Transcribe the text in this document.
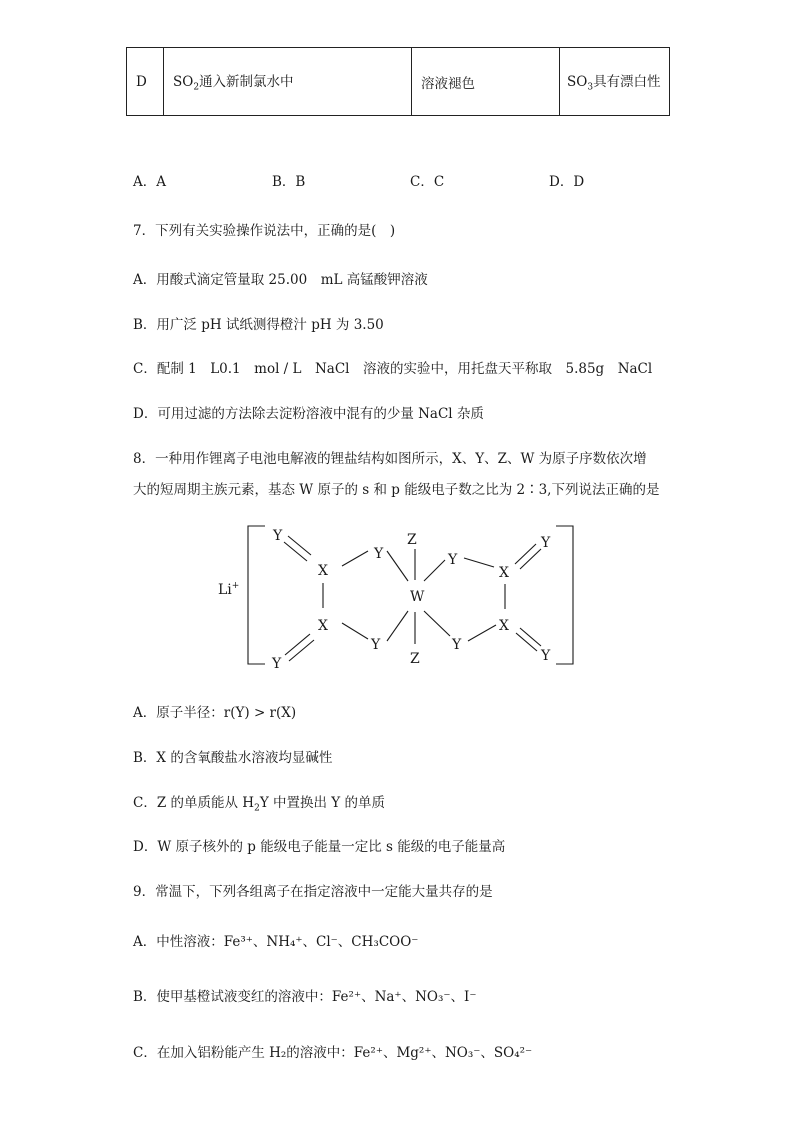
D	$SO_2$通入新制氯水中	溶液褪色	$SO_3$具有漂白性
A．A	B．B	C．C	D．D
7．下列有关实验操作说法中，正确的是(　)
A．用酸式滴定管量取 25.00　mL 高锰酸钾溶液
B．用广泛 pH 试纸测得橙汁 pH 为 3.50
C．配制 1　L0.1　mol / L　NaCl　溶液的实验中，用托盘天平称取　5.85g　NaCl
D．可用过滤的方法除去淀粉溶液中混有的少量 NaCl 杂质
8．一种用作锂离子电池电解液的锂盐结构如图所示，X、Y、Z、W 为原子序数依次增
大的短周期主族元素，基态 W 原子的 s 和 p 能级电子数之比为 2∶3,下列说法正确的是
Li+
Y
X
Y
X
Y
Y
Z
W
Z
Y
X
Y
X
Y
Y
A．原子半径：r(Y) > r(X)
B．X 的含氧酸盐水溶液均显碱性
C．Z 的单质能从 $H_2Y$ 中置换出 Y 的单质
D．W 原子核外的 p 能级电子能量一定比 s 能级的电子能量高
9．常温下，下列各组离子在指定溶液中一定能大量共存的是
A．中性溶液：Fe³⁺、NH₄⁺、Cl⁻、CH₃COO⁻
B．使甲基橙试液变红的溶液中：Fe²⁺、Na⁺、NO₃⁻、I⁻
C．在加入铝粉能产生 H₂的溶液中：Fe²⁺、Mg²⁺、NO₃⁻、SO₄²⁻
